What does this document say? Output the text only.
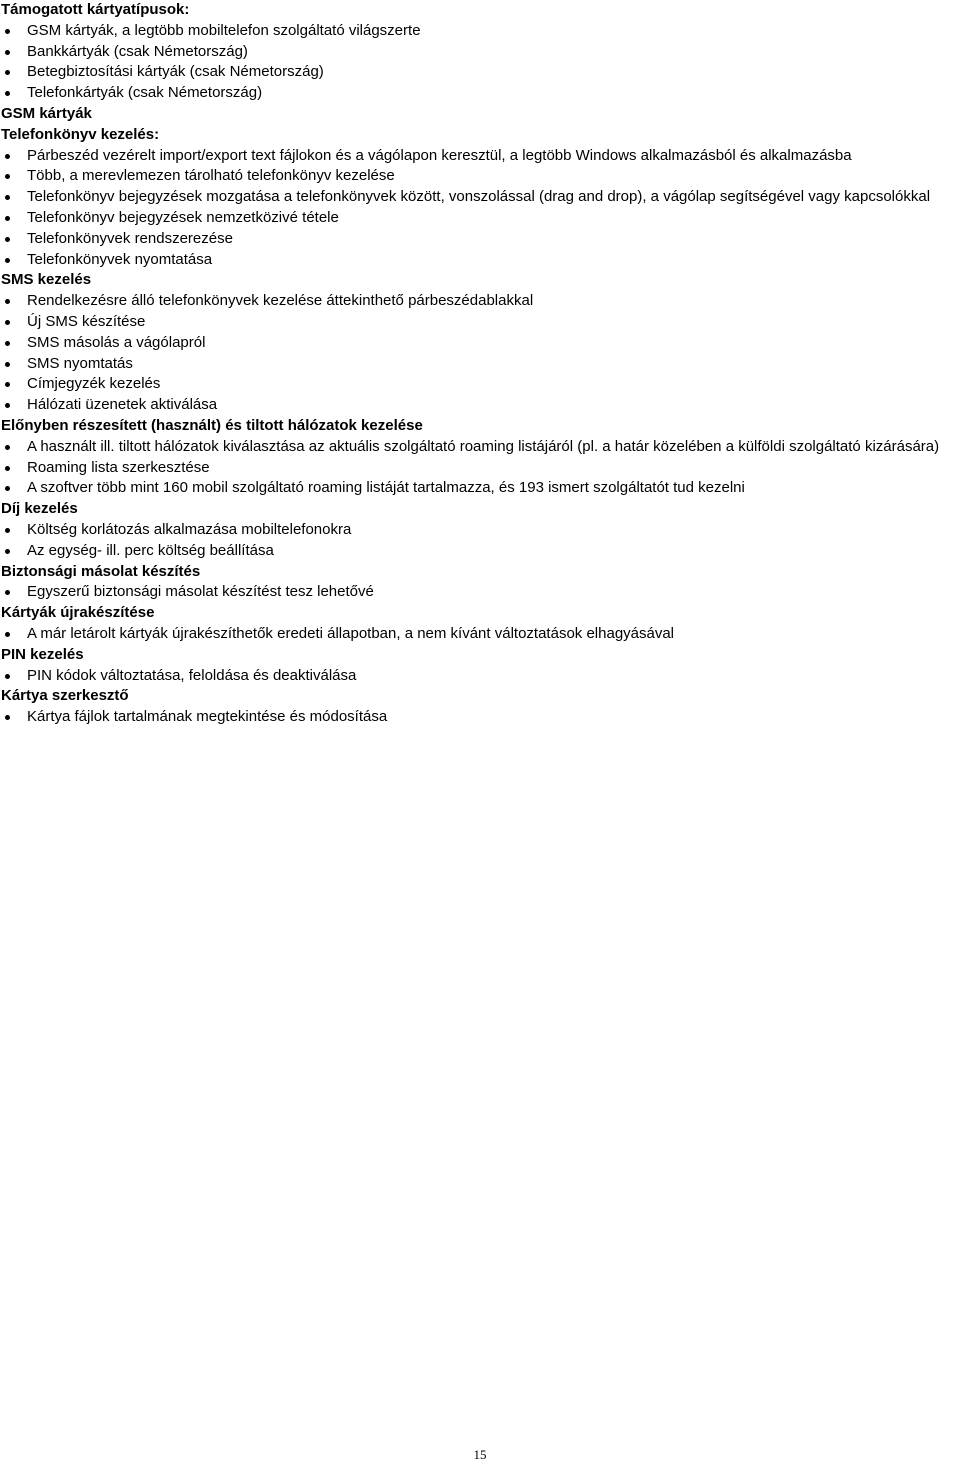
Támogatott kártyatípusok:

GSM kártyák, a legtöbb mobiltelefon szolgáltató világszerte
Bankkártyák (csak Németország)
Betegbiztosítási kártyák (csak Németország)
Telefonkártyák (csak Németország)

GSM kártyák

Telefonkönyv kezelés:

Párbeszéd vezérelt import/export text fájlokon és a vágólapon keresztül, a legtöbb Windows alkalmazásból és alkalmazásba
Több, a merevlemezen tárolható telefonkönyv kezelése
Telefonkönyv bejegyzések mozgatása a telefonkönyvek között, vonszolással (drag and drop), a vágólap segítségével vagy kapcsolókkal
Telefonkönyv bejegyzések nemzetközivé tétele
Telefonkönyvek rendszerezése
Telefonkönyvek nyomtatása

SMS kezelés

Rendelkezésre álló telefonkönyvek kezelése áttekinthető párbeszédablakkal
Új SMS készítése
SMS másolás a vágólapról
SMS nyomtatás
Címjegyzék kezelés
Hálózati üzenetek aktiválása

Előnyben részesített (használt) és tiltott hálózatok kezelése

A használt ill. tiltott hálózatok kiválasztása az aktuális szolgáltató roaming listájáról (pl. a határ közelében a külföldi szolgáltató kizárására)
Roaming lista szerkesztése
A szoftver több mint 160 mobil szolgáltató roaming listáját tartalmazza, és 193 ismert szolgáltatót tud kezelni

Díj kezelés

Költség korlátozás alkalmazása mobiltelefonokra
Az egység- ill. perc költség beállítása

Biztonsági másolat készítés

Egyszerű biztonsági másolat készítést tesz lehetővé

Kártyák újrakészítése

A már letárolt kártyák újrakészíthetők eredeti állapotban, a nem kívánt változtatások elhagyásával

PIN kezelés

PIN kódok változtatása, feloldása és deaktiválása

Kártya szerkesztő

Kártya fájlok tartalmának megtekintése és módosítása
15
